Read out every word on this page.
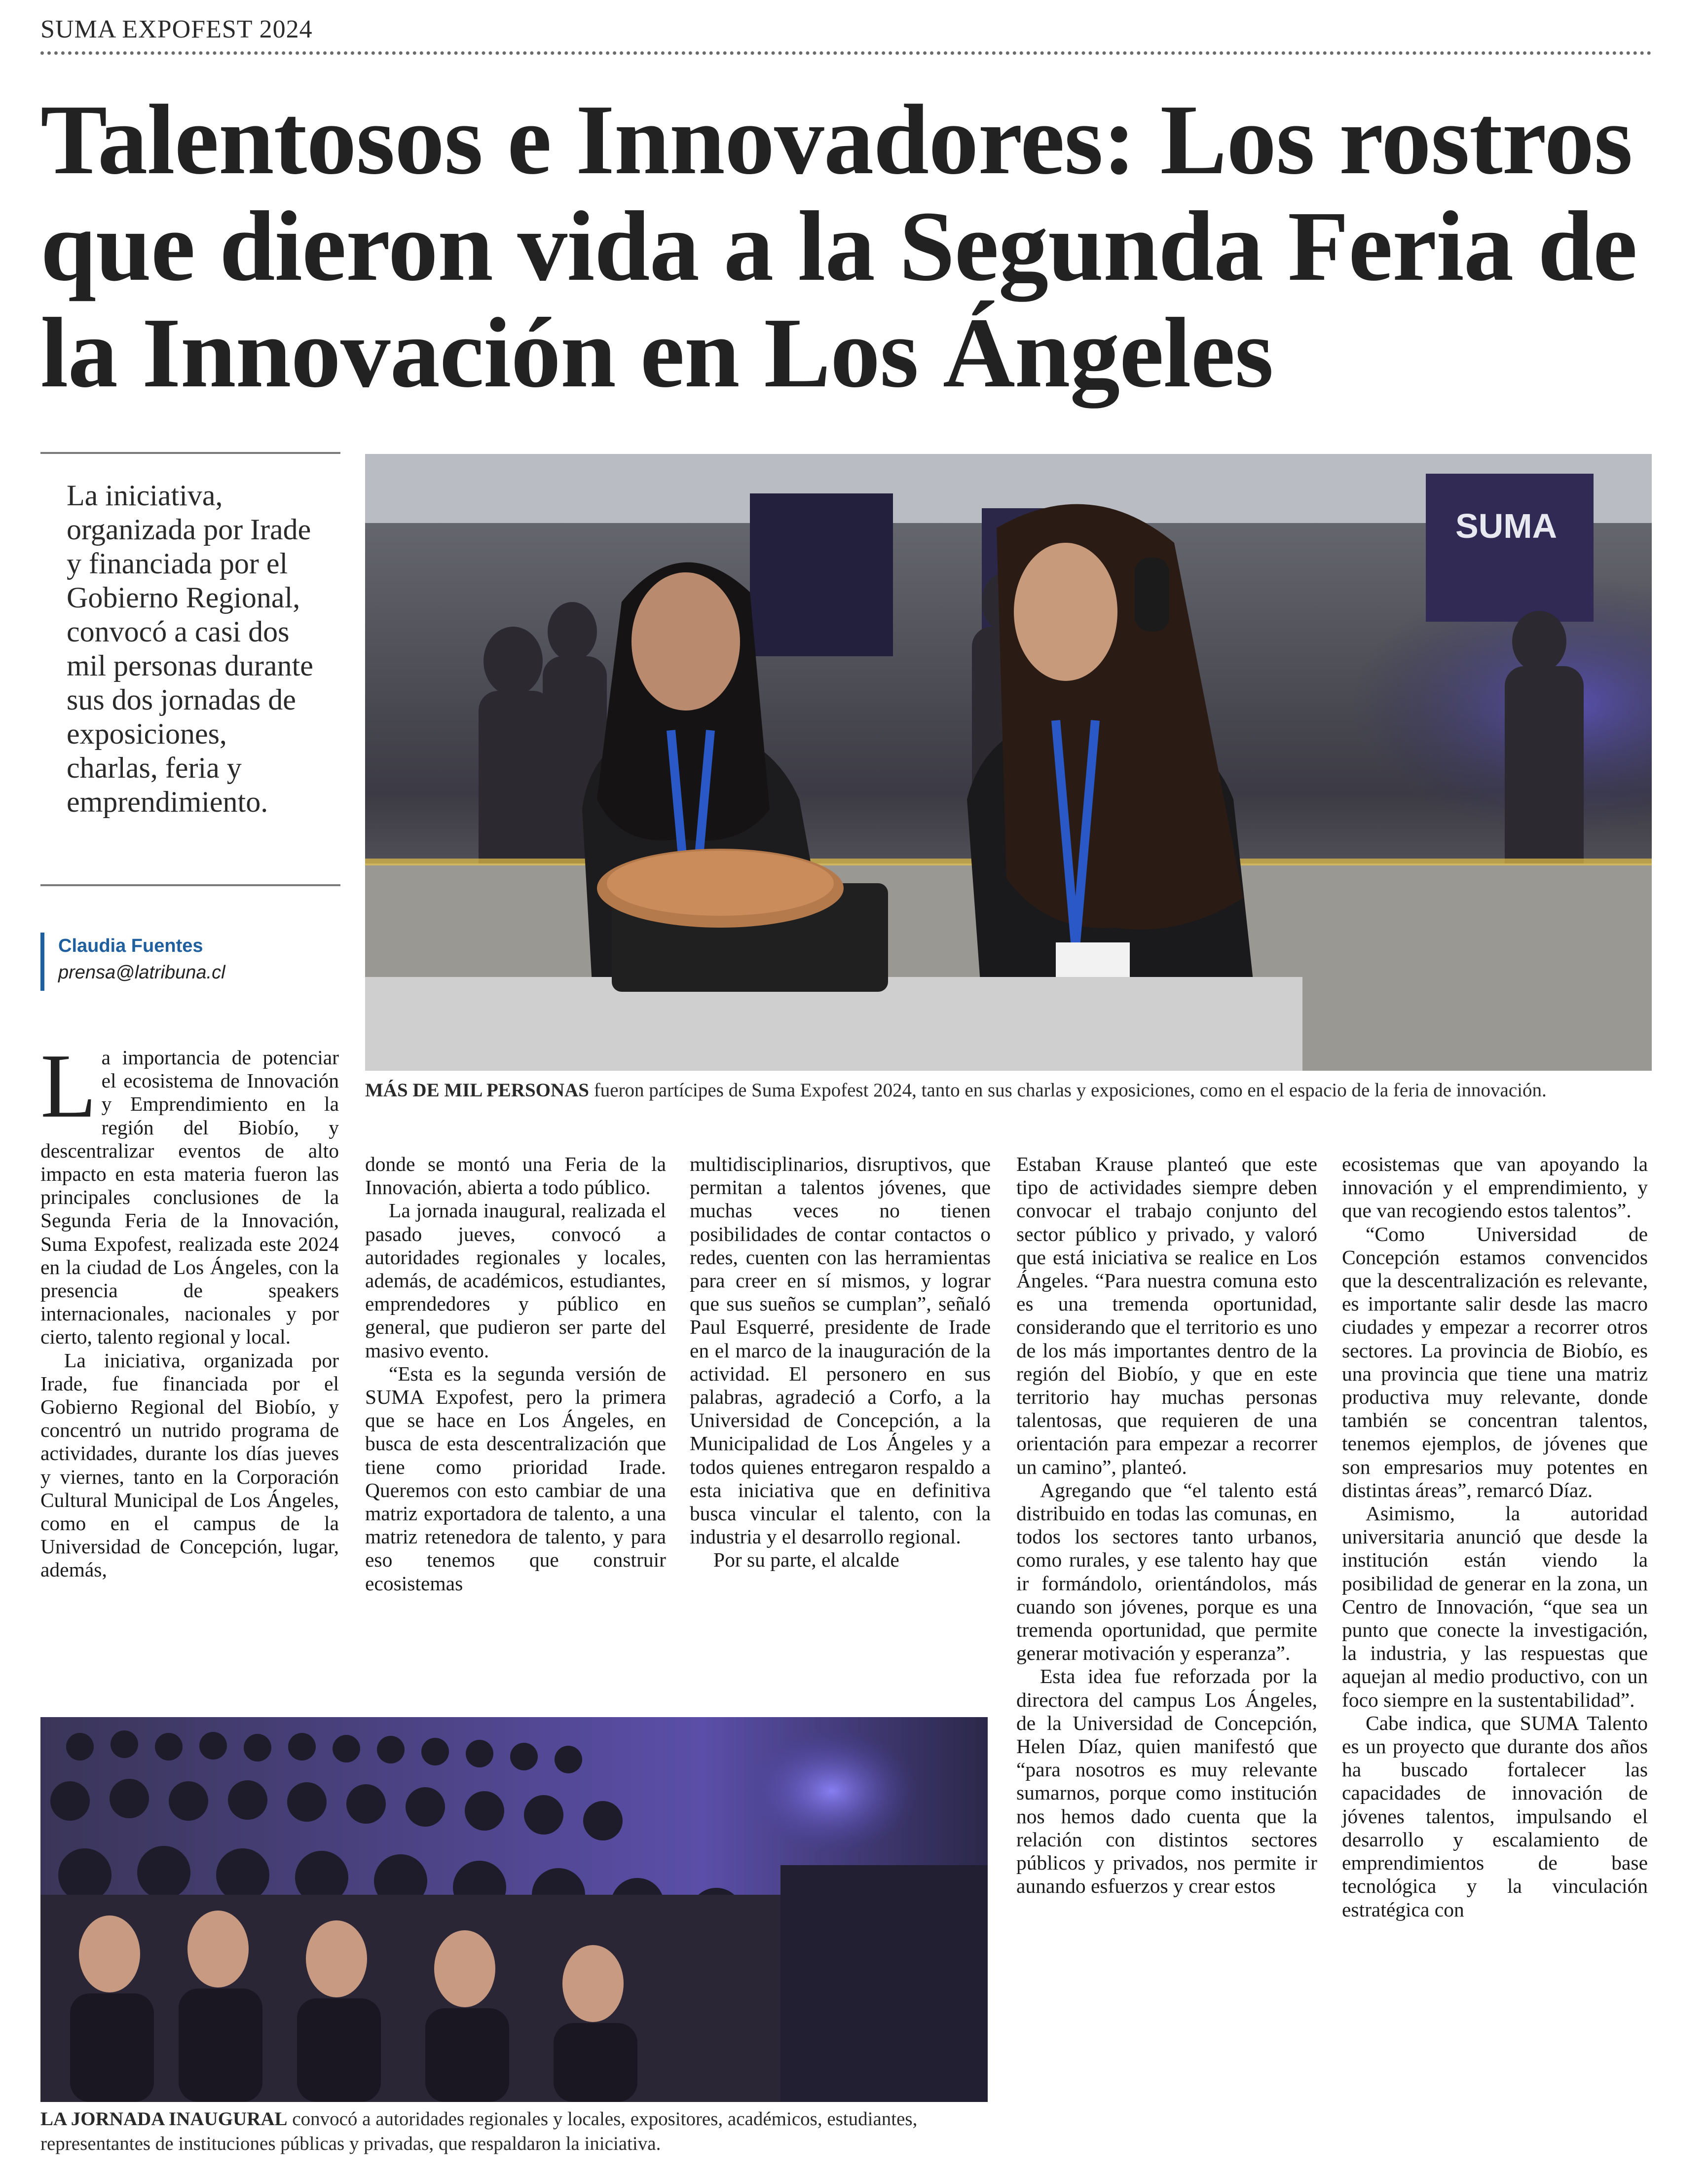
SUMA EXPOFEST 2024
Talentosos e Innovadores: Los rostros que dieron vida a la Segunda Feria de la Innovación en Los Ángeles

La iniciativa, organizada por Irade y financiada por el Gobierno Regional, convocó a casi dos mil personas durante sus dos jornadas de exposiciones, charlas, feria y emprendimiento.

Claudia Fuentes
prensa@latribuna.cl
SUMA

MÁS DE MIL PERSONAS fueron partícipes de Suma Expofest 2024, tanto en sus charlas y exposiciones, como en el espacio de la feria de innovación.

LA JORNADA INAUGURAL convocó a autoridades regionales y locales, expositores, académicos, estudiantes, representantes de instituciones públicas y privadas, que respaldaron la iniciativa.

La importancia de potenciar el ecosistema de Innovación y Emprendimiento en la región del Biobío, y descentralizar eventos de alto impacto en esta materia fueron las principales conclusiones de la Segunda Feria de la Innovación, Suma Expofest, realizada este 2024 en la ciudad de Los Ángeles, con la presencia de speakers internacionales, nacionales y por cierto, talento regional y local.

La iniciativa, organizada por Irade, fue financiada por el Gobierno Regional del Biobío, y concentró un nutrido programa de actividades, durante los días jueves y viernes, tanto en la Corporación Cultural Municipal de Los Ángeles, como en el campus de la Universidad de Concepción, lugar, además,

donde se montó una Feria de la Innovación, abierta a todo público.

La jornada inaugural, realizada el pasado jueves, convocó a autoridades regionales y locales, además, de académicos, estudiantes, emprendedores y público en general, que pudieron ser parte del masivo evento.

“Esta es la segunda versión de SUMA Expofest, pero la primera que se hace en Los Ángeles, en busca de esta descentralización que tiene como prioridad Irade. Queremos con esto cambiar de una matriz exportadora de talento, a una matriz retenedora de talento, y para eso tenemos que construir ecosistemas

multidisciplinarios, disruptivos, que permitan a talentos jóvenes, que muchas veces no tienen posibilidades de contar contactos o redes, cuenten con las herramientas para creer en sí mismos, y lograr que sus sueños se cumplan”, señaló Paul Esquerré, presidente de Irade en el marco de la inauguración de la actividad. El personero en sus palabras, agradeció a Corfo, a la Universidad de Concepción, a la Municipalidad de Los Ángeles y a todos quienes entregaron respaldo a esta iniciativa que en definitiva busca vincular el talento, con la industria y el desarrollo regional.

Por su parte, el alcalde

Estaban Krause planteó que este tipo de actividades siempre deben convocar el trabajo conjunto del sector público y privado, y valoró que está iniciativa se realice en Los Ángeles. “Para nuestra comuna esto es una tremenda oportunidad, considerando que el territorio es uno de los más importantes dentro de la región del Biobío, y que en este territorio hay muchas personas talentosas, que requieren de una orientación para empezar a recorrer un camino”, planteó.

Agregando que “el talento está distribuido en todas las comunas, en todos los sectores tanto urbanos, como rurales, y ese talento hay que ir formándolo, orientándolos, más cuando son jóvenes, porque es una tremenda oportunidad, que permite generar motivación y esperanza”.

Esta idea fue reforzada por la directora del campus Los Ángeles, de la Universidad de Concepción, Helen Díaz, quien manifestó que “para nosotros es muy relevante sumarnos, porque como institución nos hemos dado cuenta que la relación con distintos sectores públicos y privados, nos permite ir aunando esfuerzos y crear estos

ecosistemas que van apoyando la innovación y el emprendimiento, y que van recogiendo estos talentos”.

“Como Universidad de Concepción estamos convencidos que la descentralización es relevante, es importante salir desde las macro ciudades y empezar a recorrer otros sectores. La provincia de Biobío, es una provincia que tiene una matriz productiva muy relevante, donde también se concentran talentos, tenemos ejemplos, de jóvenes que son empresarios muy potentes en distintas áreas”, remarcó Díaz.

Asimismo, la autoridad universitaria anunció que desde la institución están viendo la posibilidad de generar en la zona, un Centro de Innovación, “que sea un punto que conecte la investigación, la industria, y las respuestas que aquejan al medio productivo, con un foco siempre en la sustentabilidad”.

Cabe indica, que SUMA Talento es un proyecto que durante dos años ha buscado fortalecer las capacidades de innovación de jóvenes talentos, impulsando el desarrollo y escalamiento de emprendimientos de base tecnológica y la vinculación estratégica con
